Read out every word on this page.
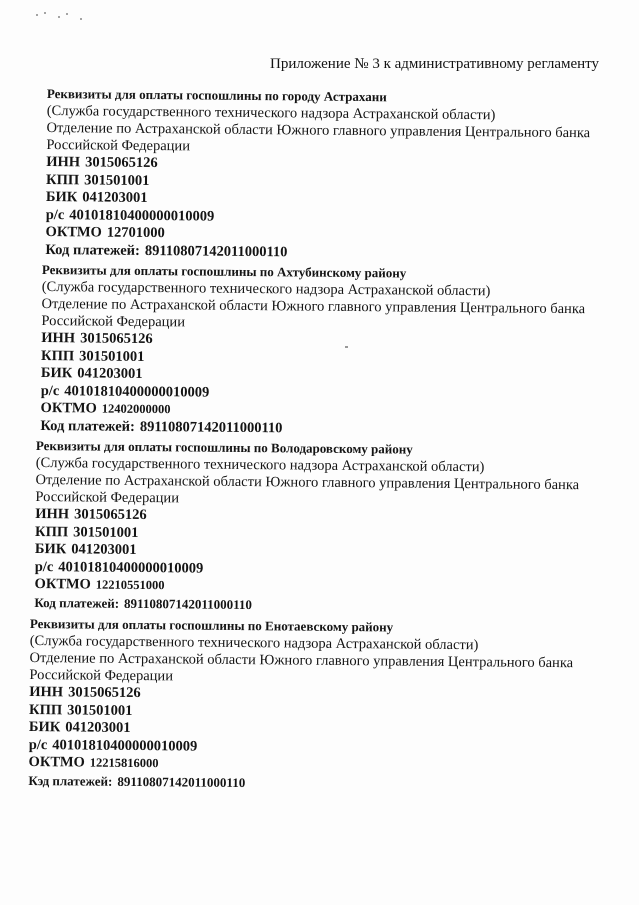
Приложение № 3 к административному регламенту
Реквизиты для оплаты госпошлины по городу Астрахани
(Служба государственного технического надзора Астраханской области)
Отделение по Астраханской области Южного главного управления Центрального банка
Российской Федерации
ИНН 3015065126
КПП 301501001
БИК 041203001
р/с 40101810400000010009
ОКТМО 12701000
Код платежей: 89110807142011000110
Реквизиты для оплаты госпошлины по Ахтубинскому району
(Служба государственного технического надзора Астраханской области)
Отделение по Астраханской области Южного главного управления Центрального банка
Российской Федерации
ИНН 3015065126
КПП 301501001
БИК 041203001
р/с 40101810400000010009
ОКТМО 12402000000
Код платежей: 89110807142011000110
Реквизиты для оплаты госпошлины по Володаровскому району
(Служба государственного технического надзора Астраханской области)
Отделение по Астраханской области Южного главного управления Центрального банка
Российской Федерации
ИНН 3015065126
КПП 301501001
БИК 041203001
р/с 40101810400000010009
ОКТМО 12210551000
Код платежей: 89110807142011000110
Реквизиты для оплаты госпошлины по Енотаевскому району
(Служба государственного технического надзора Астраханской области)
Отделение по Астраханской области Южного главного управления Центрального банка
Российской Федерации
ИНН 3015065126
КПП 301501001
БИК 041203001
р/с 40101810400000010009
ОКТМО 12215816000
Кэд платежей: 89110807142011000110
